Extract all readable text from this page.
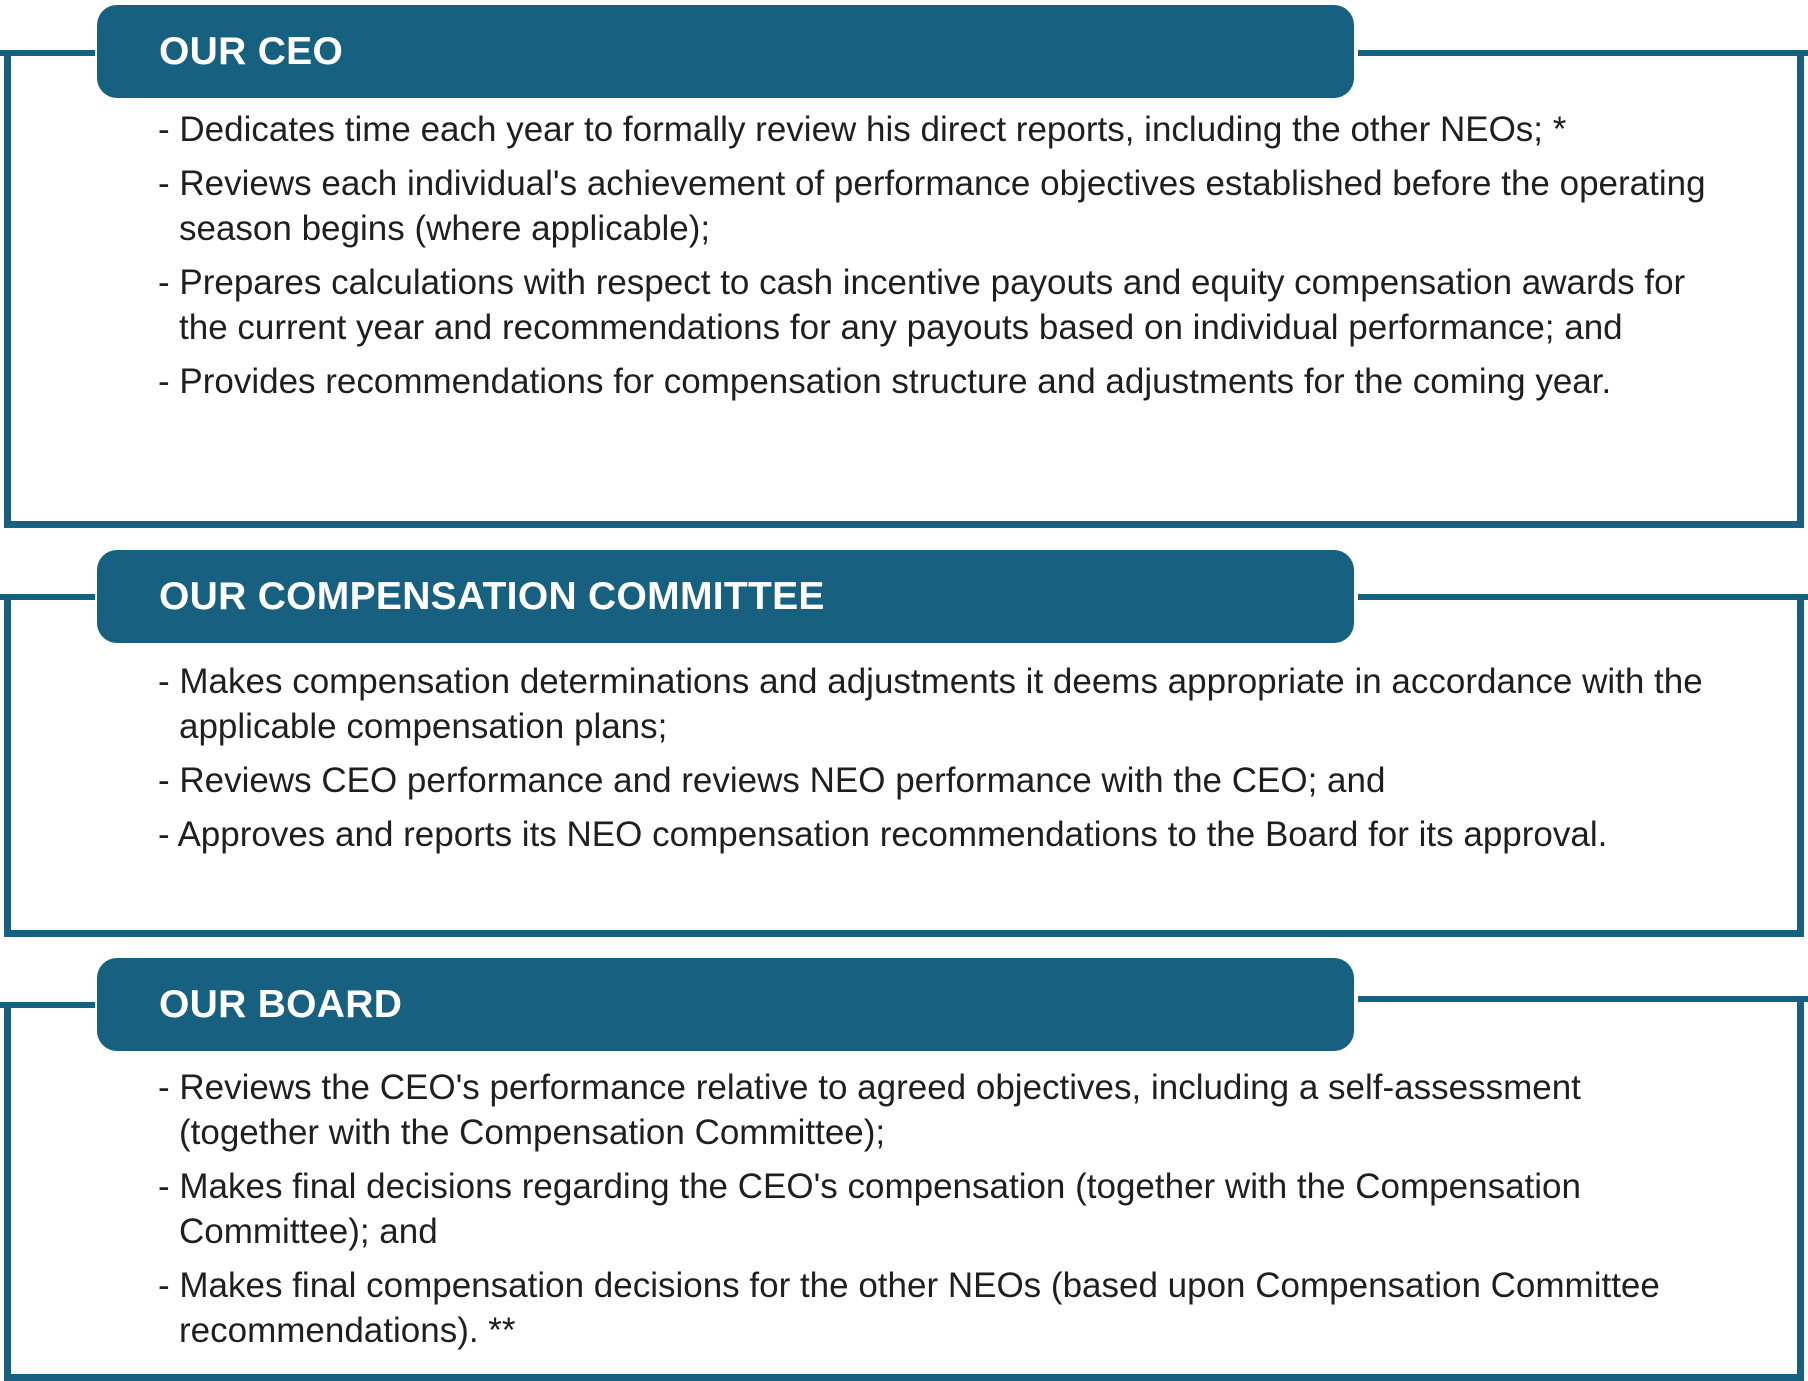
OUR CEO
- Dedicates time each year to formally review his direct reports, including the other NEOs; *
- Reviews each individual's achievement of performance objectives established before the operating season begins (where applicable);
- Prepares calculations with respect to cash incentive payouts and equity compensation awards for the current year and recommendations for any payouts based on individual performance; and
- Provides recommendations for compensation structure and adjustments for the coming year.
OUR COMPENSATION COMMITTEE
- Makes compensation determinations and adjustments it deems appropriate in accordance with the applicable compensation plans;
- Reviews CEO performance and reviews NEO performance with the CEO; and
- Approves and reports its NEO compensation recommendations to the Board for its approval.
OUR BOARD
- Reviews the CEO's performance relative to agreed objectives, including a self-assessment (together with the Compensation Committee);
- Makes final decisions regarding the CEO's compensation (together with the Compensation Committee); and
- Makes final compensation decisions for the other NEOs (based upon Compensation Committee recommendations). **
